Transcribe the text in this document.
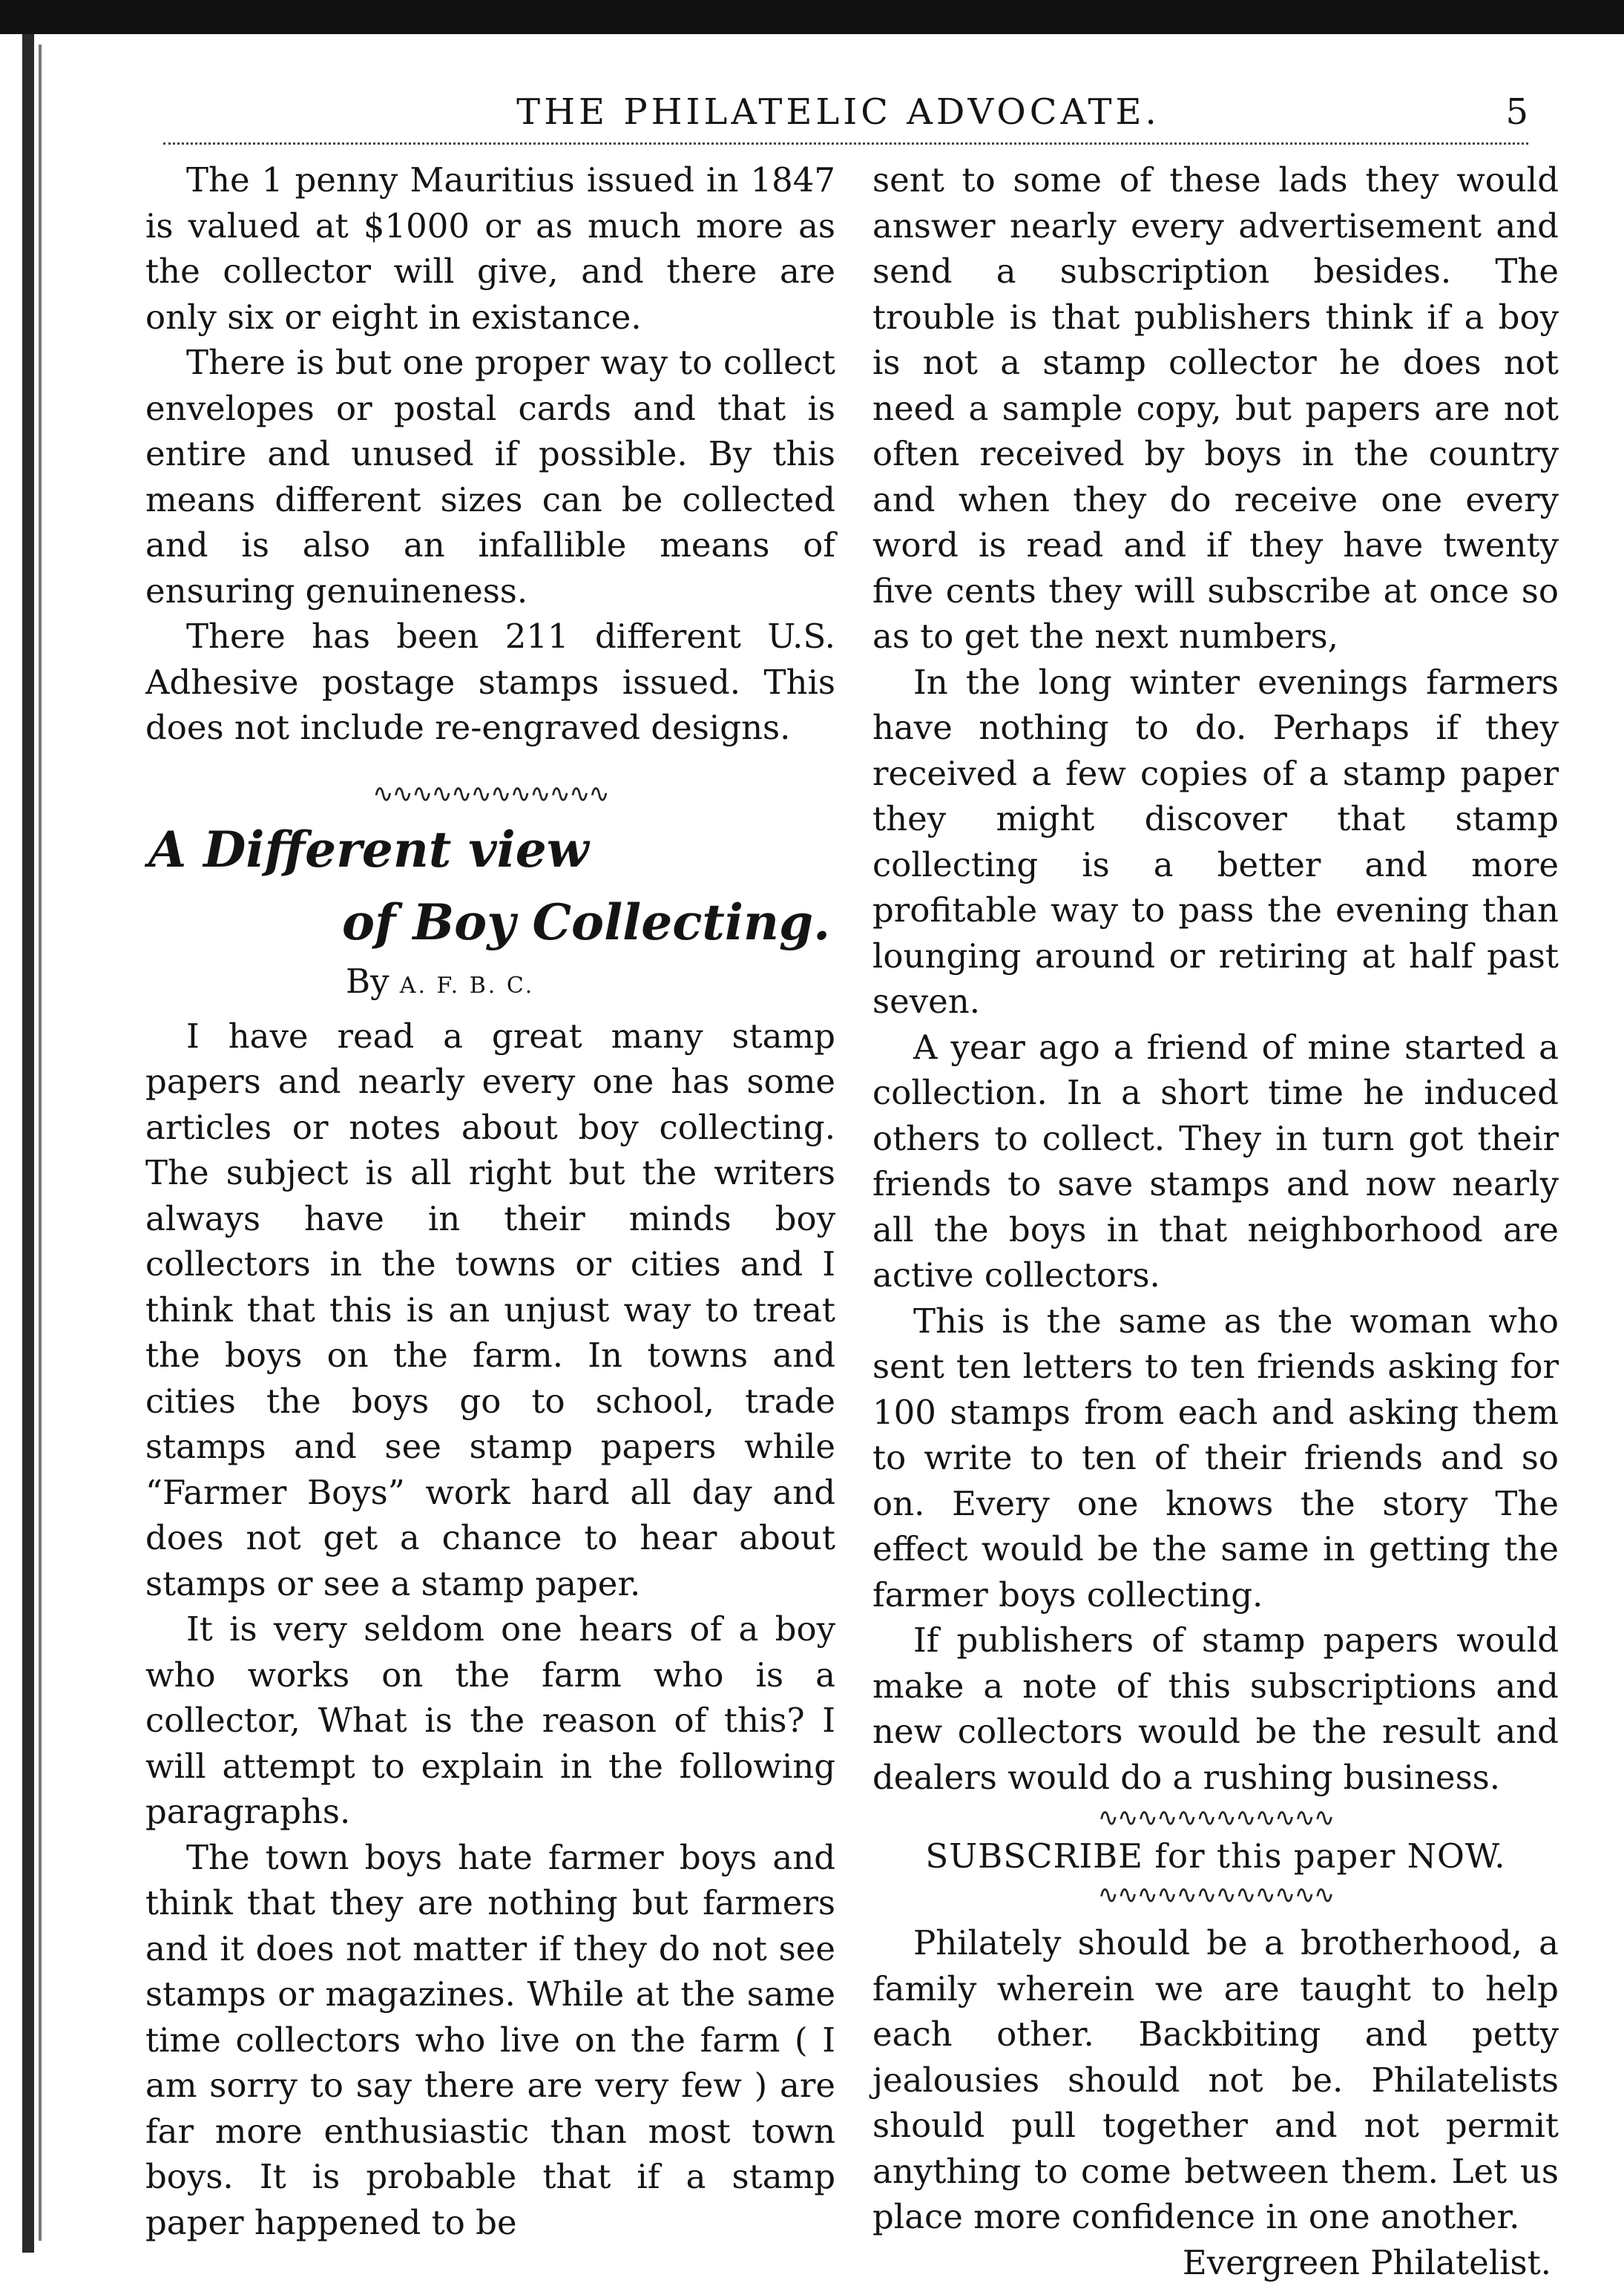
THE PHILATELIC ADVOCATE.	5

The 1 penny Mauritius issued in 1847 is valued at $1000 or as much more as the collector will give, and there are only six or eight in existance.

There is but one proper way to collect envelopes or postal cards and that is entire and unused if possible. By this means different sizes can be collected and is also an infallible means of ensuring genuineness.

There has been 211 different U.S. Adhesive postage stamps issued. This does not include re-engraved designs.

∿∿∿∿∿∿∿∿∿∿∿∿
A Different view
of Boy Collecting.
By A. F. B. C.

I have read a great many stamp papers and nearly every one has some articles or notes about boy collecting. The subject is all right but the writers always have in their minds boy collectors in the towns or cities and I think that this is an unjust way to treat the boys on the farm. In towns and cities the boys go to school, trade stamps and see stamp papers while “Farmer Boys” work hard all day and does not get a chance to hear about stamps or see a stamp paper.

It is very seldom one hears of a boy who works on the farm who is a collector, What is the reason of this? I will attempt to explain in the following paragraphs.

The town boys hate farmer boys and think that they are nothing but farmers and it does not matter if they do not see stamps or magazines. While at the same time collectors who live on the farm ( I am sorry to say there are very few ) are far more enthusiastic than most town boys. It is probable that if a stamp paper happened to be

sent to some of these lads they would answer nearly every advertisement and send a subscription besides. The trouble is that publishers think if a boy is not a stamp collector he does not need a sample copy, but papers are not often received by boys in the country and when they do receive one every word is read and if they have twenty five cents they will subscribe at once so as to get the next numbers,

In the long winter evenings farmers have nothing to do. Perhaps if they received a few copies of a stamp paper they might discover that stamp collecting is a better and more profitable way to pass the evening than lounging around or retiring at half past seven.

A year ago a friend of mine started a collection. In a short time he induced others to collect. They in turn got their friends to save stamps and now nearly all the boys in that neighborhood are active collectors.

This is the same as the woman who sent ten letters to ten friends asking for 100 stamps from each and asking them to write to ten of their friends and so on. Every one knows the story The effect would be the same in getting the farmer boys collecting.

If publishers of stamp papers would make a note of this subscriptions and new collectors would be the result and dealers would do a rushing business.

∿∿∿∿∿∿∿∿∿∿∿∿
SUBSCRIBE for this paper NOW.
∿∿∿∿∿∿∿∿∿∿∿∿

Philately should be a brotherhood, a family wherein we are taught to help each other. Backbiting and petty jealousies should not be. Philatelists should pull together and not permit anything to come between them. Let us place more confidence in one another.

Evergreen Philatelist.
